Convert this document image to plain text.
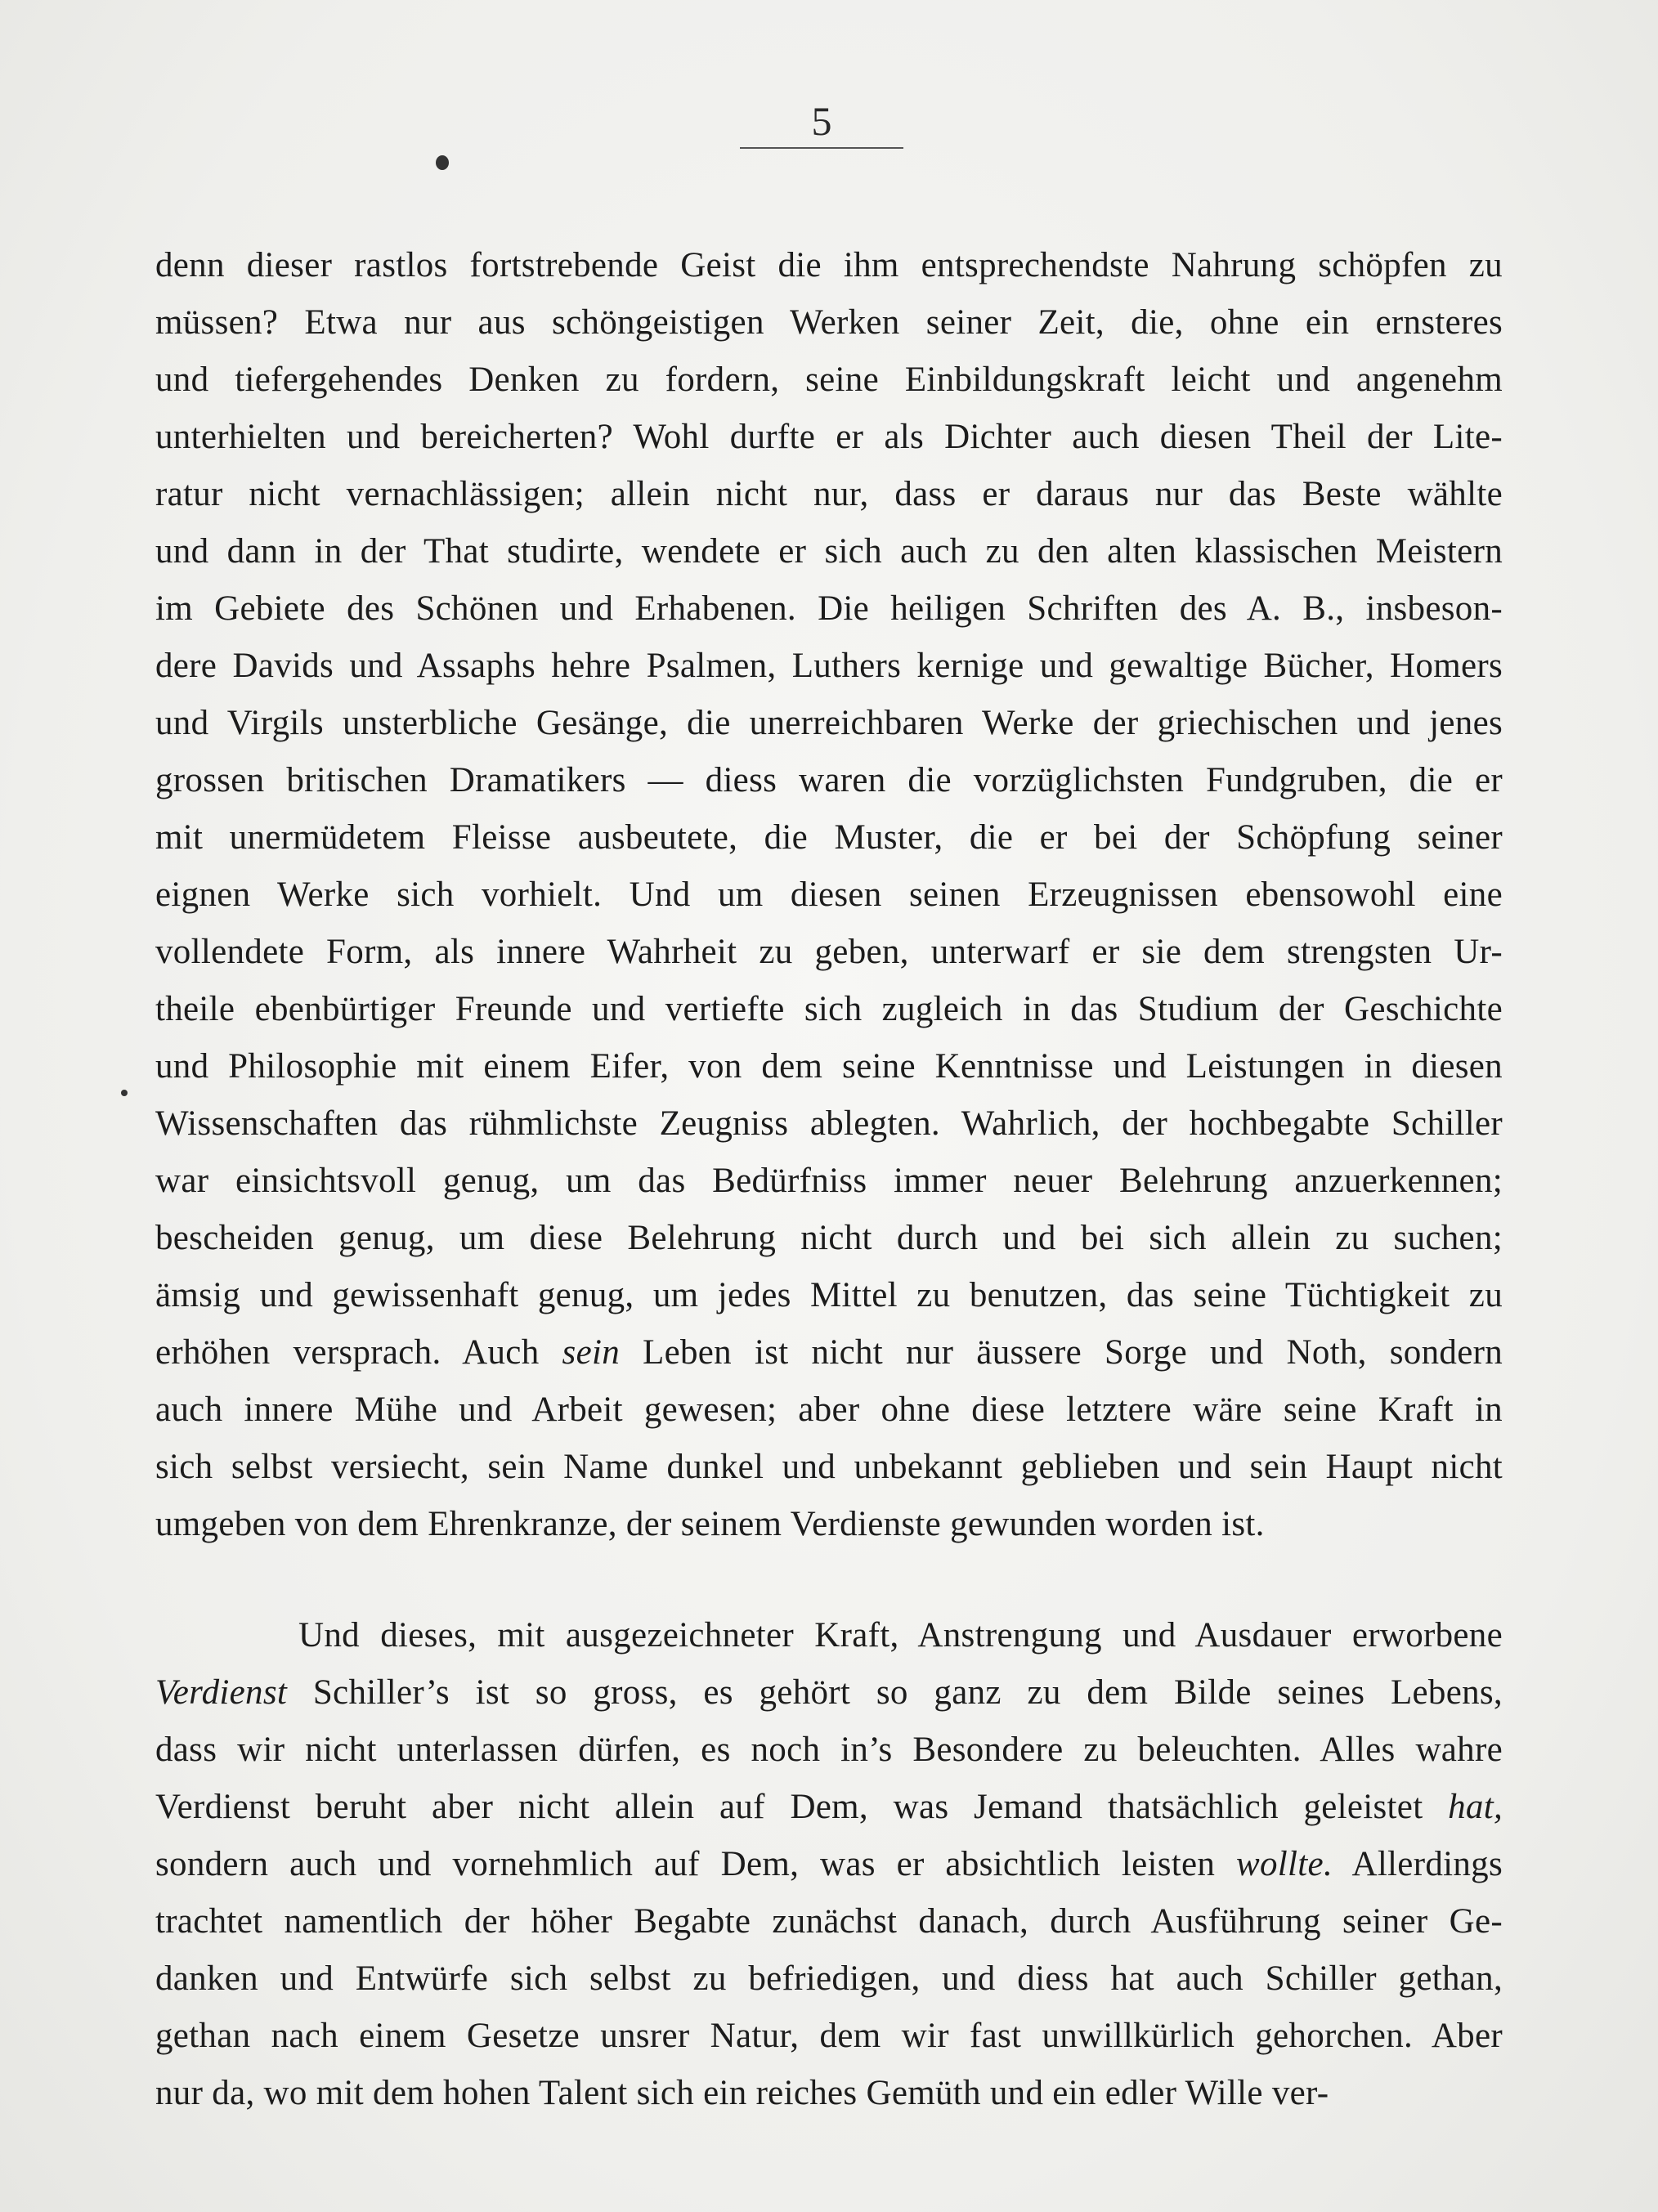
5
denn dieser rastlos fortstrebende Geist die ihm entsprechendste Nahrung schöpfen zu
müssen? Etwa nur aus schöngeistigen Werken seiner Zeit, die, ohne ein ernsteres
und tiefergehendes Denken zu fordern, seine Einbildungskraft leicht und angenehm
unterhielten und bereicherten? Wohl durfte er als Dichter auch diesen Theil der Lite-
ratur nicht vernachlässigen; allein nicht nur, dass er daraus nur das Beste wählte
und dann in der That studirte, wendete er sich auch zu den alten klassischen Meistern
im Gebiete des Schönen und Erhabenen. Die heiligen Schriften des A. B., insbeson-
dere Davids und Assaphs hehre Psalmen, Luthers kernige und gewaltige Bücher, Homers
und Virgils unsterbliche Gesänge, die unerreichbaren Werke der griechischen und jenes
grossen britischen Dramatikers — diess waren die vorzüglichsten Fundgruben, die er
mit unermüdetem Fleisse ausbeutete, die Muster, die er bei der Schöpfung seiner
eignen Werke sich vorhielt. Und um diesen seinen Erzeugnissen ebensowohl eine
vollendete Form, als innere Wahrheit zu geben, unterwarf er sie dem strengsten Ur-
theile ebenbürtiger Freunde und vertiefte sich zugleich in das Studium der Geschichte
und Philosophie mit einem Eifer, von dem seine Kenntnisse und Leistungen in diesen
Wissenschaften das rühmlichste Zeugniss ablegten. Wahrlich, der hochbegabte Schiller
war einsichtsvoll genug, um das Bedürfniss immer neuer Belehrung anzuerkennen;
bescheiden genug, um diese Belehrung nicht durch und bei sich allein zu suchen;
ämsig und gewissenhaft genug, um jedes Mittel zu benutzen, das seine Tüchtigkeit zu
erhöhen versprach. Auch sein Leben ist nicht nur äussere Sorge und Noth, sondern
auch innere Mühe und Arbeit gewesen; aber ohne diese letztere wäre seine Kraft in
sich selbst versiecht, sein Name dunkel und unbekannt geblieben und sein Haupt nicht
umgeben von dem Ehrenkranze, der seinem Verdienste gewunden worden ist.
Und dieses, mit ausgezeichneter Kraft, Anstrengung und Ausdauer erworbene
Verdienst Schiller’s ist so gross, es gehört so ganz zu dem Bilde seines Lebens,
dass wir nicht unterlassen dürfen, es noch in’s Besondere zu beleuchten. Alles wahre
Verdienst beruht aber nicht allein auf Dem, was Jemand thatsächlich geleistet hat,
sondern auch und vornehmlich auf Dem, was er absichtlich leisten wollte. Allerdings
trachtet namentlich der höher Begabte zunächst danach, durch Ausführung seiner Ge-
danken und Entwürfe sich selbst zu befriedigen, und diess hat auch Schiller gethan,
gethan nach einem Gesetze unsrer Natur, dem wir fast unwillkürlich gehorchen. Aber
nur da, wo mit dem hohen Talent sich ein reiches Gemüth und ein edler Wille ver-
